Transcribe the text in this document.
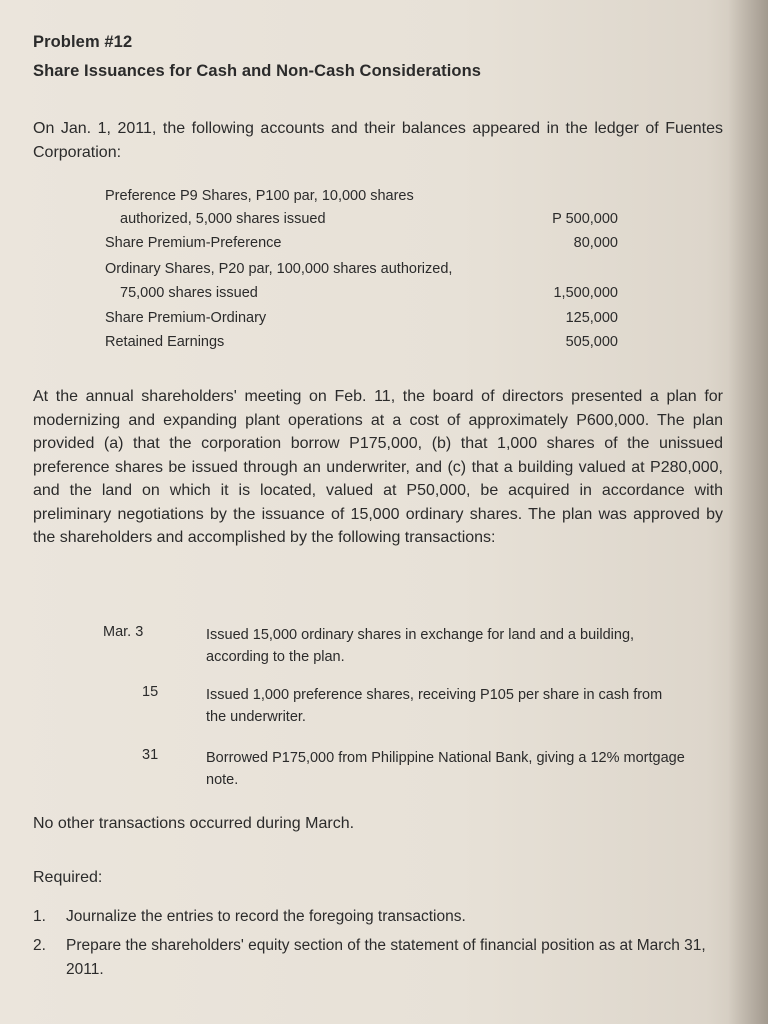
Problem #12
Share Issuances for Cash and Non-Cash Considerations
On Jan. 1, 2011, the following accounts and their balances appeared in the ledger of Fuentes Corporation:
Preference P9 Shares, P100 par, 10,000 shares
authorized, 5,000 shares issued	P 500,000
Share Premium-Preference	80,000
Ordinary Shares, P20 par, 100,000 shares authorized,
75,000 shares issued	1,500,000
Share Premium-Ordinary	125,000
Retained Earnings	505,000
At the annual shareholders' meeting on Feb. 11, the board of directors presented a plan for modernizing and expanding plant operations at a cost of approximately P600,000. The plan provided (a) that the corporation borrow P175,000, (b) that 1,000 shares of the unissued preference shares be issued through an underwriter, and (c) that a building valued at P280,000, and the land on which it is located, valued at P50,000, be acquired in accordance with preliminary negotiations by the issuance of 15,000 ordinary shares. The plan was approved by the shareholders and accomplished by the following transactions:
Mar. 3	Issued 15,000 ordinary shares in exchange for land and a building, according to the plan.
15	Issued 1,000 preference shares, receiving P105 per share in cash from the underwriter.
31	Borrowed P175,000 from Philippine National Bank, giving a 12% mortgage note.
No other transactions occurred during March.
Required:
1. Journalize the entries to record the foregoing transactions.
2. Prepare the shareholders' equity section of the statement of financial position as at March 31, 2011.
